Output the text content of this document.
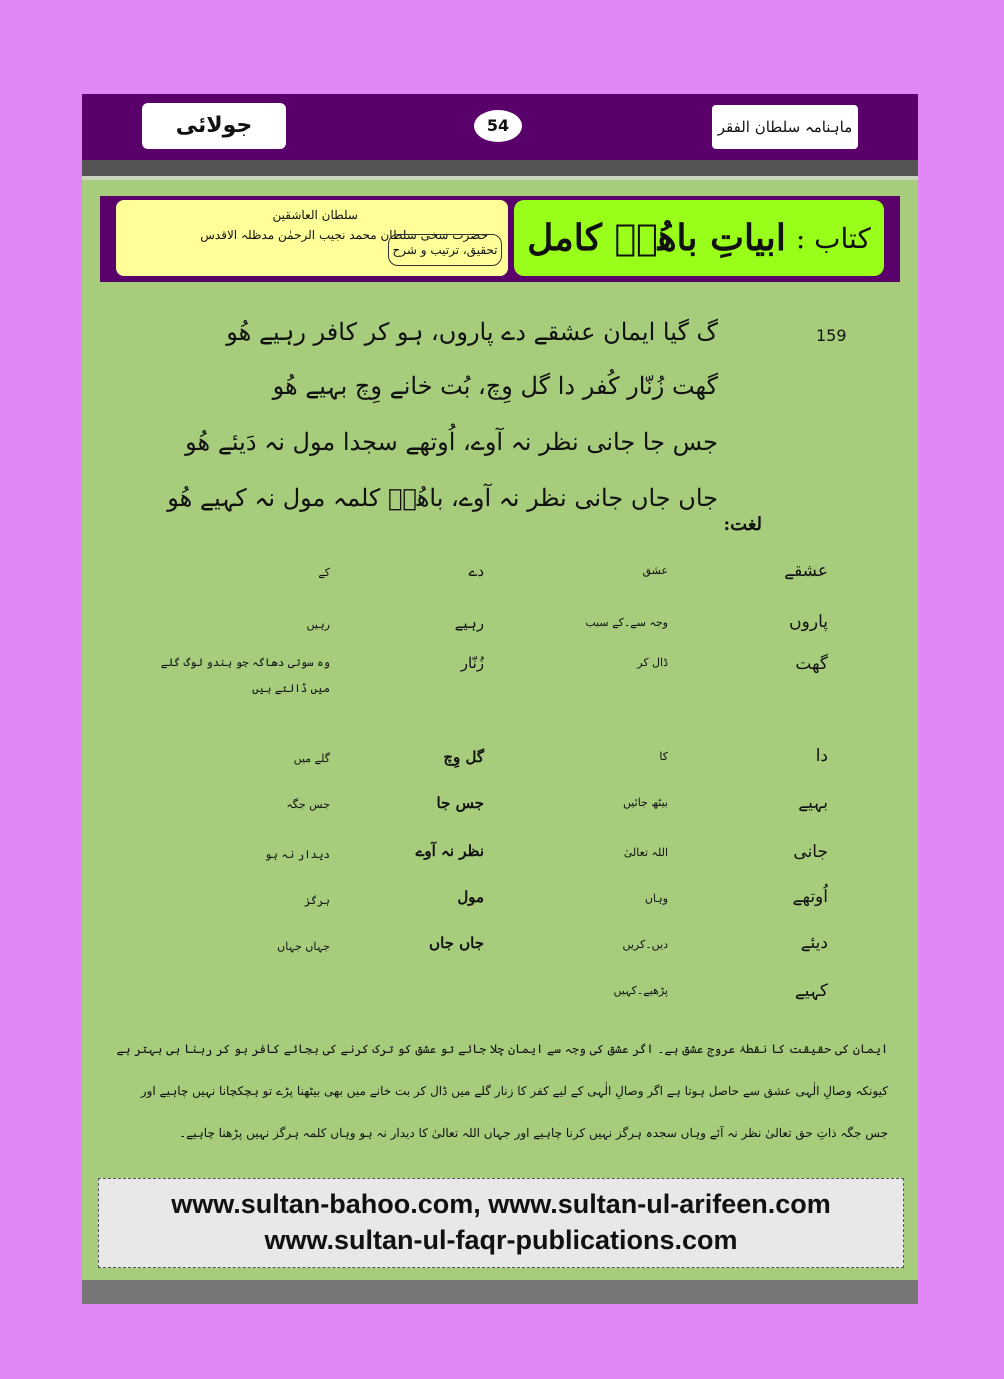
جولائی	54	ماہنامہ سلطان الفقر
کتاب :
ابیاتِ باھُوؒ کامل
سلطان العاشقین
حضرت سخی سلطان محمد نجیب الرحمٰن مدظلہ الاقدس
تحقیق، ترتیب و شرح
159
گ گیا ایمان عشقے دے پاروں، ہو کر کافر رہیے ھُو
گھت زُنّار کُفر دا گل وِچ، بُت خانے وِچ بہیے ھُو
جس جا جانی نظر نہ آوے، اُوتھے سجدا مول نہ دَیئے ھُو
جاں جاں جانی نظر نہ آوے، باھُوؒ کلمہ مول نہ کہیے ھُو
لغت:
عشقے
عشق
دے
کے
پاروں
وجہ سے۔کے سبب
رہیے
رہیں
گھت
ڈال کر
زُنّار
وہ سوتی دھاگہ جو ہندو لوگ گلے میں ڈالتے ہیں
دا
کا
گل وِچ
گلے میں
بہیے
بیٹھ جائیں
جس جا
جس جگہ
جانی
اللہ تعالیٰ
نظر نہ آوے
دیدار نہ ہو
اُوتھے
وہاں
مول
ہرگز
دیئے
دیں۔کریں
جاں جاں
جہاں جہاں
کہیے
پڑھیے۔کہیں
ایمان کی حقیقت کا نقطۂ عروج عشق ہے۔ اگر عشق کی وجہ سے ایمان چلا جائے تو عشق کو ترک کرنے کی بجائے کافر ہو کر رہنا ہی بہتر ہے
کیونکہ وصالِ الٰہی عشق سے حاصل ہوتا ہے اگر وصالِ الٰہی کے لیے کفر کا زنار گلے میں ڈال کر بت خانے میں بھی بیٹھنا پڑے تو ہچکچانا نہیں چاہیے اور
جس جگہ ذاتِ حق تعالیٰ نظر نہ آئے وہاں سجدہ ہرگز نہیں کرنا چاہیے اور جہاں اللہ تعالیٰ کا دیدار نہ ہو وہاں کلمہ ہرگز نہیں پڑھنا چاہیے۔
www.sultan-bahoo.com, www.sultan-ul-arifeen.com
www.sultan-ul-faqr-publications.com
